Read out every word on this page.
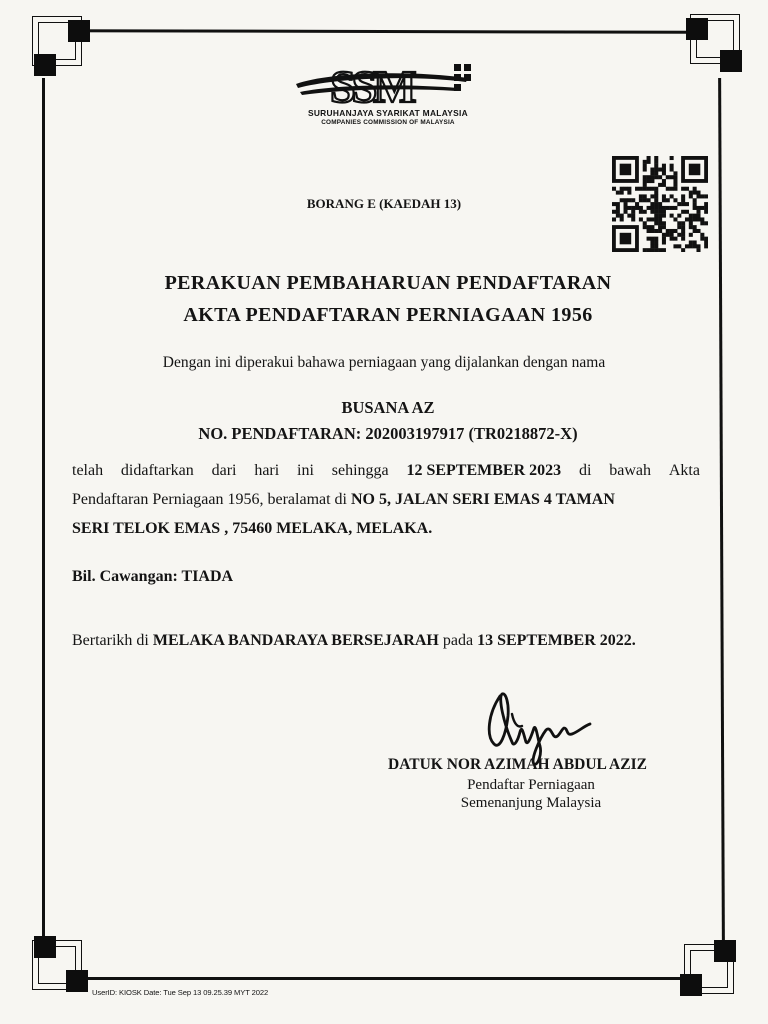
SSM
SURUHANJAYA SYARIKAT MALAYSIA
COMPANIES COMMISSION OF MALAYSIA
BORANG E (KAEDAH 13)
PERAKUAN PEMBAHARUAN PENDAFTARAN
AKTA PENDAFTARAN PERNIAGAAN 1956
Dengan ini diperakui bahawa perniagaan yang dijalankan dengan nama
BUSANA AZ
NO. PENDAFTARAN: 202003197917 (TR0218872-X)
telah didaftarkan dari hari ini sehingga 12 SEPTEMBER 2023 di bawah Akta
Pendaftaran Perniagaan 1956, beralamat di NO 5, JALAN SERI EMAS 4 TAMAN
SERI TELOK EMAS , 75460 MELAKA, MELAKA.
Bil. Cawangan: TIADA
Bertarikh di MELAKA BANDARAYA BERSEJARAH pada 13 SEPTEMBER 2022.
DATUK NOR AZIMAH ABDUL AZIZ
Pendaftar Perniagaan
Semenanjung Malaysia
UserID: KIOSK Date: Tue Sep 13 09.25.39 MYT 2022
